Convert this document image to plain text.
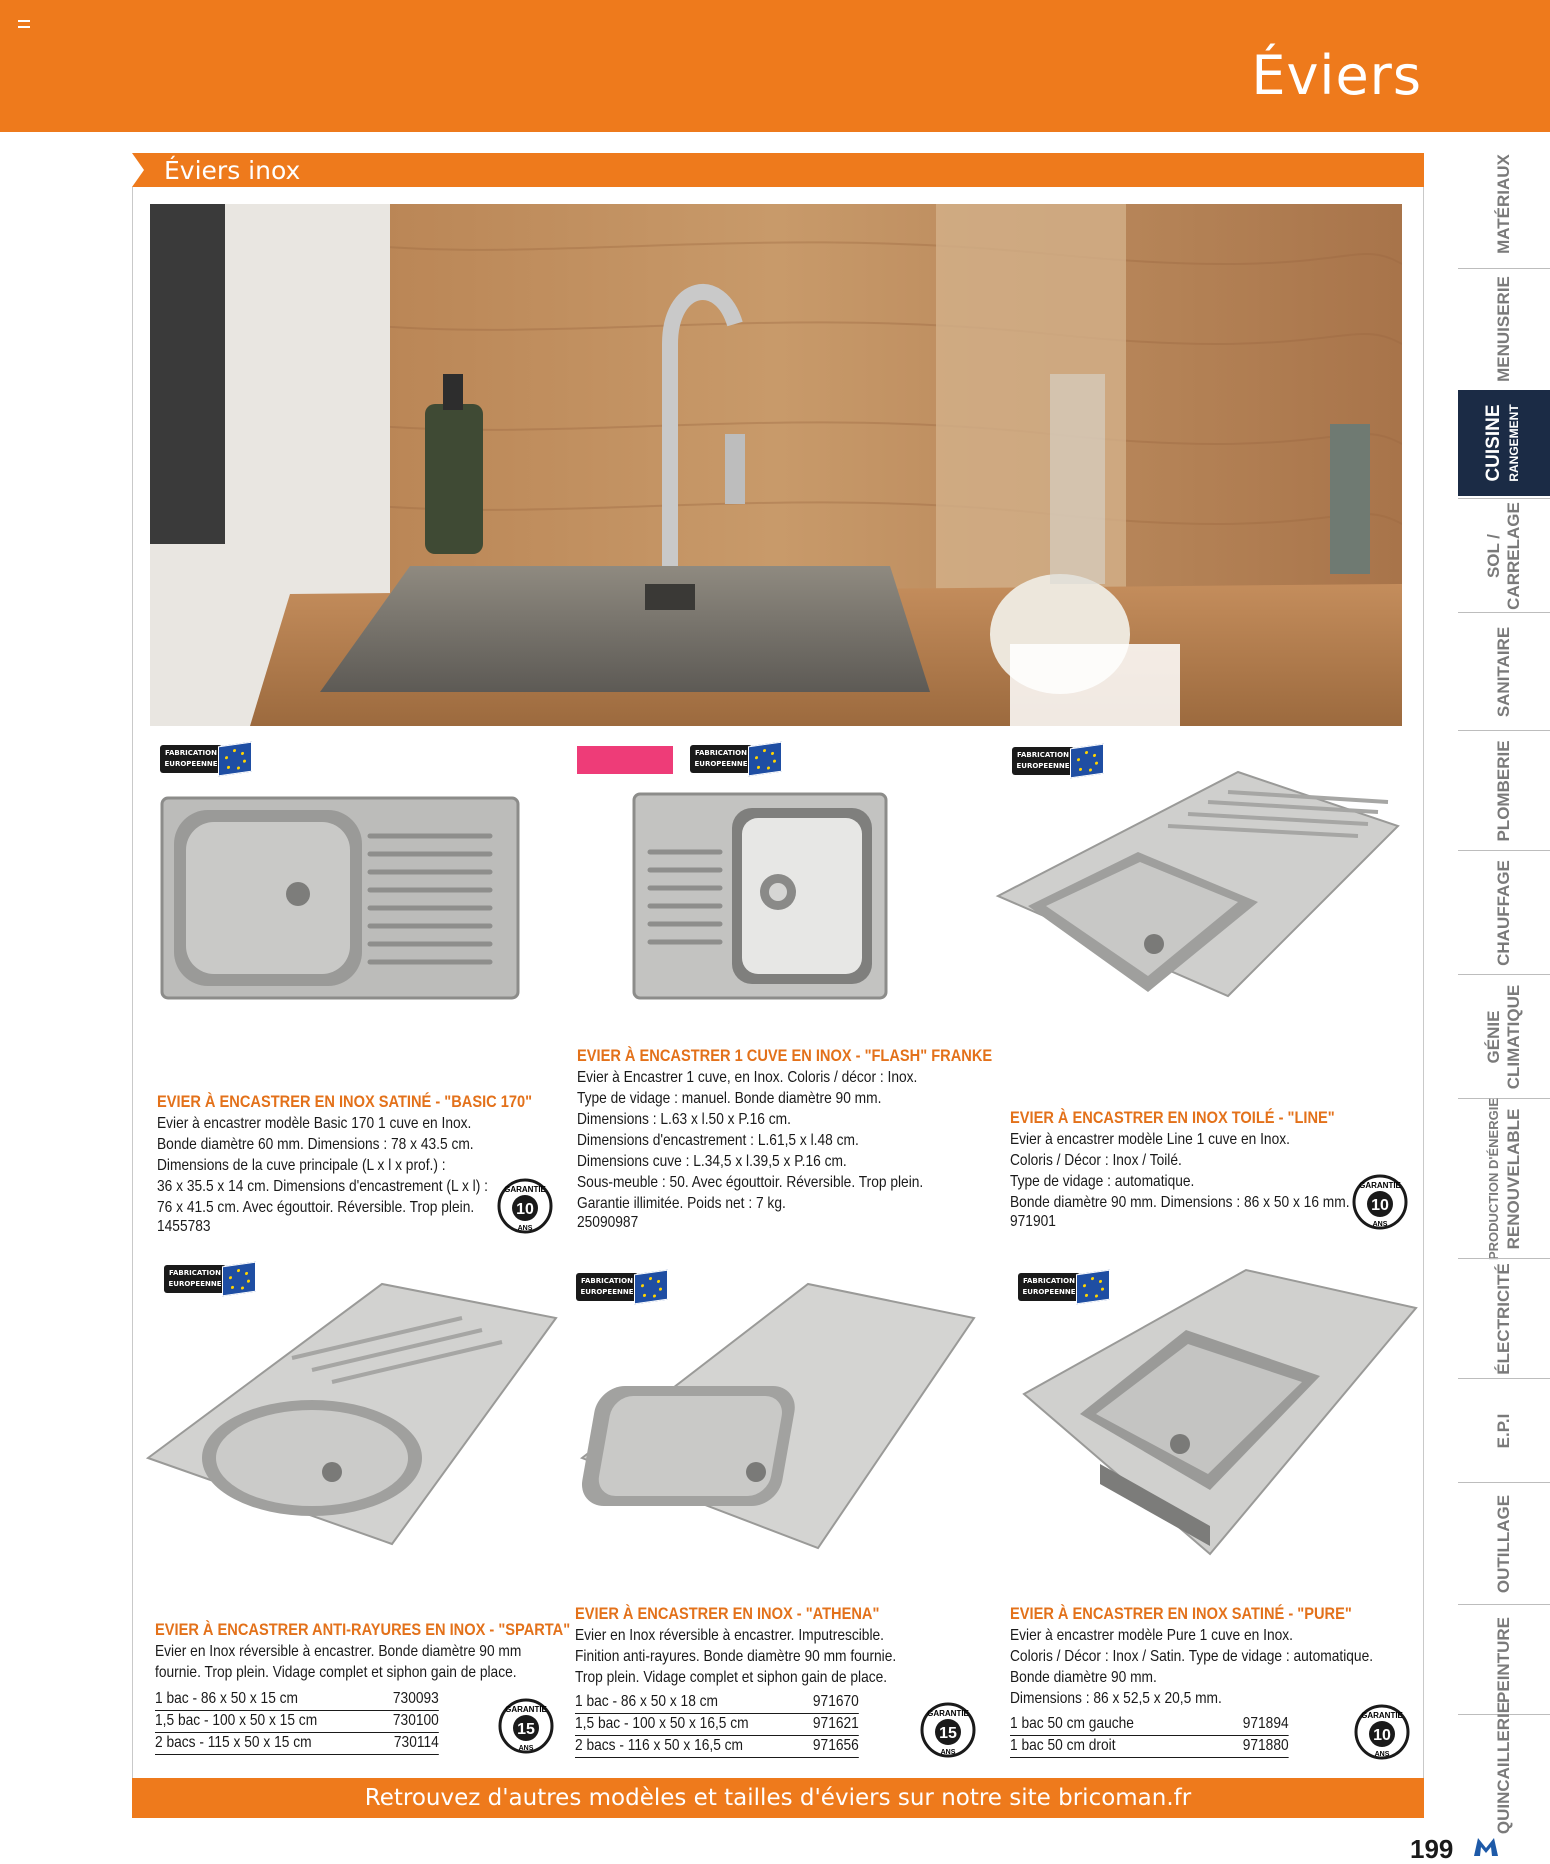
Éviers
Éviers inox
FABRICATION EUROPEENNE
FABRICATION EUROPEENNE
FABRICATION EUROPEENNE
FABRICATION EUROPEENNE	FABRICATION EUROPEENNE
FABRICATION EUROPEENNE
EVIER À ENCASTRER EN INOX SATINÉ - "BASIC 170"
Evier à encastrer modèle Basic 170 1 cuve en Inox.
Bonde diamètre 60 mm. Dimensions : 78 x 43.5 cm.
Dimensions de la cuve principale (L x l x prof.) :
36 x 35.5 x 14 cm. Dimensions d'encastrement (L x l) :
76 x 41.5 cm. Avec égouttoir. Réversible. Trop plein.
1455783
EVIER À ENCASTRER 1 CUVE EN INOX - "FLASH" FRANKE
Evier à Encastrer 1 cuve, en Inox. Coloris / décor : Inox.
Type de vidage : manuel. Bonde diamètre 90 mm.
Dimensions : L.63 x l.50 x P.16 cm.
Dimensions d'encastrement : L.61,5 x l.48 cm.
Dimensions cuve : L.34,5 x l.39,5 x P.16 cm.
Sous-meuble : 50. Avec égouttoir. Réversible. Trop plein.
Garantie illimitée. Poids net : 7 kg.
25090987
EVIER À ENCASTRER EN INOX TOILÉ - "LINE"
Evier à encastrer modèle Line 1 cuve en Inox.
Coloris / Décor : Inox / Toilé.
Type de vidage : automatique.
Bonde diamètre 90 mm. Dimensions : 86 x 50 x 16 mm.
971901
EVIER À ENCASTRER ANTI-RAYURES EN INOX - "SPARTA"
Evier en Inox réversible à encastrer. Bonde diamètre 90 mm
fournie. Trop plein. Vidage complet et siphon gain de place.
1 bac - 86 x 50 x 15 cm	730093
1,5 bac - 100 x 50 x 15 cm	730100
2 bacs - 115 x 50 x 15 cm	730114
EVIER À ENCASTRER EN INOX - "ATHENA"
Evier en Inox réversible à encastrer. Imputrescible.
Finition anti-rayures. Bonde diamètre 90 mm fournie.
Trop plein. Vidage complet et siphon gain de place.
1 bac - 86 x 50 x 18 cm	971670
1,5 bac - 100 x 50 x 16,5 cm	971621
2 bacs - 116 x 50 x 16,5 cm	971656
EVIER À ENCASTRER EN INOX SATINÉ - "PURE"
Evier à encastrer modèle Pure 1 cuve en Inox.
Coloris / Décor : Inox / Satin. Type de vidage : automatique.
Bonde diamètre 90 mm.
Dimensions : 86 x 52,5 x 20,5 mm.
1 bac 50 cm gauche	971894
1 bac 50 cm droit	971880
GARANTIE
10
ANS
GARANTIE
10
ANS
GARANTIE
15
ANS
GARANTIE
15
ANS
GARANTIE
10
ANS
Retrouvez d'autres modèles et tailles d'éviers sur notre site bricoman.fr
MATÉRIAUX
MENUISERIE
CUISINE RANGEMENT
SOL / CARRELAGE
SANITAIRE
PLOMBERIE
CHAUFFAGE
GÉNIE CLIMATIQUE
PRODUCTION D'ÉNERGIE RENOUVELABLE
ÉLECTRICITÉ
E.P.I
OUTILLAGE
PEINTURE
QUINCAILLERIE
199
